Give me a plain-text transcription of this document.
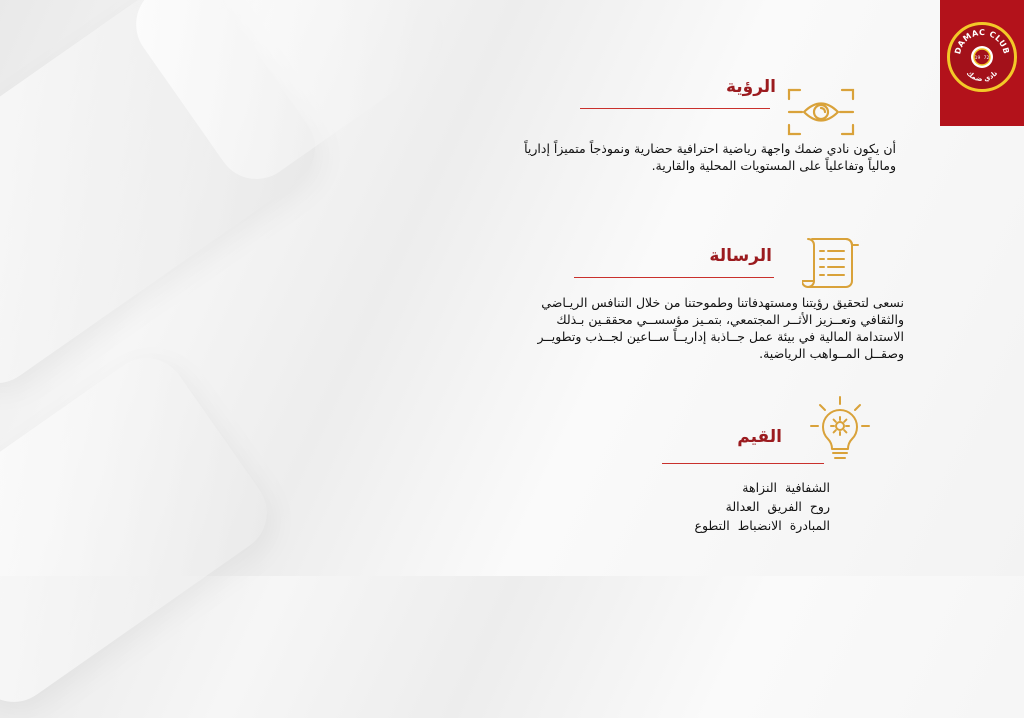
DAMAC CLUB
نادي ضمك
19 72
الرؤية
أن يكون نادي ضمك واجهة رياضية احترافية حضارية ونموذجاً متميزاً إدارياً
ومالياً وتفاعلياً على المستويات المحلية والقارية.
الرسالة
نسعى لتحقيق رؤيتنا ومستهدفاتنا وطموحتنا من خلال التنافس الريـاضي
والثقافي وتعــزيز الأثــر المجتمعي، بتمـيز مؤسســي محققـين بـذلك
الاستدامة المالية في بيئة عمل جــاذبة إداريــاً ســاعين لجــذب وتطويــر
وصقــل المــواهب الرياضية.
القيم
الشفافية النزاهة
روح الفريق العدالة
المبادرة الانضباط التطوع
